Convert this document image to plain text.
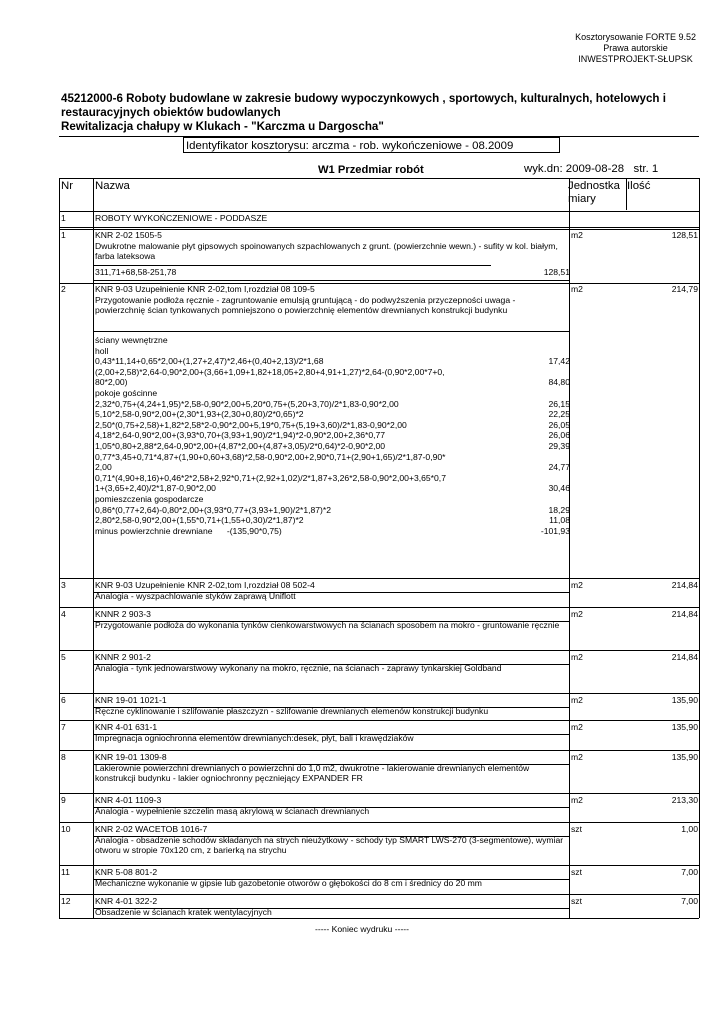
Kosztorysowanie FORTE 9.52
Prawa autorskie
INWESTPROJEKT-SŁUPSK
45212000-6 Roboty budowlane w zakresie budowy wypoczynkowych , sportowych, kulturalnych, hotelowych i
restauracyjnych obiektów budowlanych
Rewitalizacja chałupy w Klukach - "Karczma u Dargoscha"
Identyfikator kosztorysu: arczma - rob. wykończeniowe - 08.2009
W1 Przedmiar robót	wyk.dn: 2009-08-28 str. 1
Nr Nazwa	Jednostka
miary
Ilość
1	ROBOTY WYKOŃCZENIOWE - PODDASZE
1	KNR 2-02 1505-5
Dwukrotne malowanie płyt gipsowych spoinowanych szpachlowanych z grunt. (powierzchnie wewn.) - sufity w kol. białym, farba lateksowa
m2	128,51
311,71+68,58-251,78	128,51
2	KNR 9-03 Uzupełnienie KNR 2-02,tom I,rozdział 08 109-5
Przygotowanie podłoża ręcznie - zagruntowanie emulsją gruntującą - do podwyższenia przyczepności uwaga - powierzchnię ścian tynkowanych pomniejszono o powierzchnię elementów drewnianych konstrukcji budynku
m2	214,79
ściany wewnętrzne
holl
0,43*11,14+0,65*2,00+(1,27+2,47)*2,46+(0,40+2,13)/2*1,68	17,42
(2,00+2,58)*2,64-0,90*2,00+(3,66+1,09+1,82+18,05+2,80+4,91+1,27)*2,64-(0,90*2,00*7+0,
80*2,00)	84,80
pokoje gościnne
2,32*0,75+(4,24+1,95)*2,58-0,90*2,00+5,20*0,75+(5,20+3,70)/2*1,83-0,90*2,00	26,15
5,10*2,58-0,90*2,00+(2,30*1,93+(2,30+0,80)/2*0,65)*2	22,25
2,50*(0,75+2,58)+1,82*2,58*2-0,90*2,00+5,19*0,75+(5,19+3,60)/2*1,83-0,90*2,00	26,05
4,18*2,64-0,90*2,00+(3,93*0,70+(3,93+1,90)/2*1,94)*2-0,90*2,00+2,36*0,77	26,06
1,05*0,80+2,88*2,64-0,90*2,00+(4,87*2,00+(4,87+3,05)/2*0,64)*2-0,90*2,00	29,39
0,77*3,45+0,71*4,87+(1,90+0,60+3,68)*2,58-0,90*2,00+2,90*0,71+(2,90+1,65)/2*1,87-0,90*
2,00	24,77
0,71*(4,90+8,16)+0,46*2*2,58+2,92*0,71+(2,92+1,02)/2*1,87+3,26*2,58-0,90*2,00+3,65*0,7
1+(3,65+2,40)/2*1,87-0,90*2,00	30,46
pomieszczenia gospodarcze
0,86*(0,77+2,64)-0,80*2,00+(3,93*0,77+(3,93+1,90)/2*1,87)*2	18,29
2,80*2,58-0,90*2,00+(1,55*0,71+(1,55+0,30)/2*1,87)*2	11,08
minus powierzchnie drewniane      -(135,90*0,75)	-101,93
3	KNR 9-03 Uzupełnienie KNR 2-02,tom I,rozdział 08 502-4
Analogia - wyszpachlowanie styków zaprawą Uniflott
m2	214,84
4	KNNR 2 903-3
Przygotowanie podłoża do wykonania tynków cienkowarstwowych na ścianach sposobem na mokro - gruntowanie ręcznie
m2	214,84
5	KNNR 2 901-2
Analogia - tynk jednowarstwowy wykonany na mokro, ręcznie, na ścianach - zaprawy tynkarskiej Goldband
m2	214,84
6	KNR 19-01 1021-1
Ręczne cyklinowanie i szlifowanie płaszczyzn - szlifowanie drewnianych elemenów konstrukcji budynku
m2	135,90
7	KNR 4-01 631-1
Impregnacja ogniochronna elementów drewnianych:desek, płyt, bali i krawędziaków
m2	135,90
8	KNR 19-01 1309-8
Lakierownie powierzchni drewnianych o powierzchni do 1,0 m2, dwukrotne - lakierowanie drewnianych elementów konstrukcji budynku - lakier ogniochronny pęczniejący EXPANDER FR
m2	135,90
9	KNR 4-01 1109-3
Analogia - wypełnienie szczelin masą akrylową w ścianach drewnianych
m2	213,30
10	KNR 2-02 WACETOB 1016-7
Analogia - obsadzenie schodów składanych na strych nieużytkowy - schody typ SMART LWS-270 (3-segmentowe), wymiar otworu w stropie 70x120 cm, z barierką na strychu
szt	1,00
11	KNR 5-08 801-2
Mechaniczne wykonanie w gipsie lub gazobetonie otworów o głębokości do 8 cm i średnicy do 20 mm
szt	7,00
12	KNR 4-01 322-2
Obsadzenie w ścianach kratek wentylacyjnych
szt	7,00
----- Koniec wydruku -----
